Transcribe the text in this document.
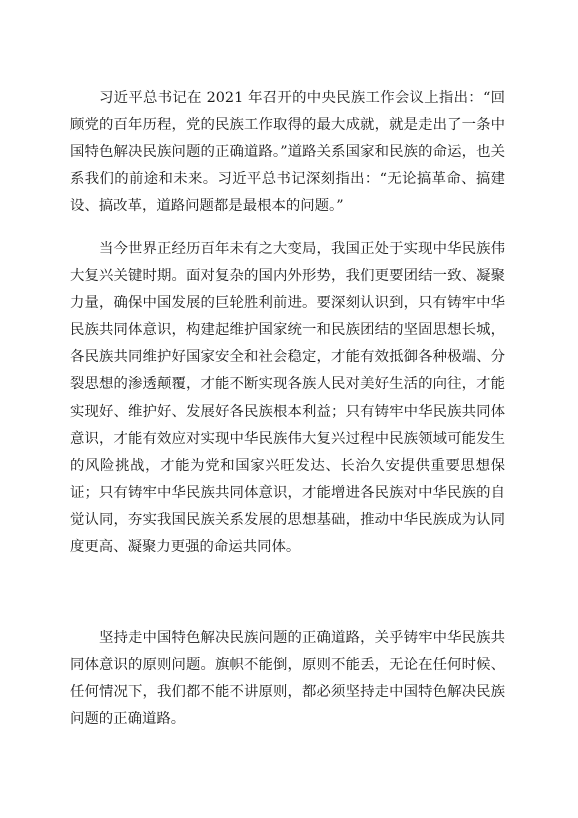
习近平总书记在 2021 年召开的中央民族工作会议上指出：“回顾党的百年历程，党的民族工作取得的最大成就，就是走出了一条中国特色解决民族问题的正确道路。”道路关系国家和民族的命运，也关系我们的前途和未来。习近平总书记深刻指出：“无论搞革命、搞建设、搞改革，道路问题都是最根本的问题。”

当今世界正经历百年未有之大变局，我国正处于实现中华民族伟大复兴关键时期。面对复杂的国内外形势，我们更要团结一致、凝聚力量，确保中国发展的巨轮胜利前进。要深刻认识到，只有铸牢中华民族共同体意识，构建起维护国家统一和民族团结的坚固思想长城，各民族共同维护好国家安全和社会稳定，才能有效抵御各种极端、分裂思想的渗透颠覆，才能不断实现各族人民对美好生活的向往，才能实现好、维护好、发展好各民族根本利益；只有铸牢中华民族共同体意识，才能有效应对实现中华民族伟大复兴过程中民族领域可能发生的风险挑战，才能为党和国家兴旺发达、长治久安提供重要思想保证；只有铸牢中华民族共同体意识，才能增进各民族对中华民族的自觉认同，夯实我国民族关系发展的思想基础，推动中华民族成为认同度更高、凝聚力更强的命运共同体。

坚持走中国特色解决民族问题的正确道路，关乎铸牢中华民族共同体意识的原则问题。旗帜不能倒，原则不能丢，无论在任何时候、任何情况下，我们都不能不讲原则，都必须坚持走中国特色解决民族问题的正确道路。
